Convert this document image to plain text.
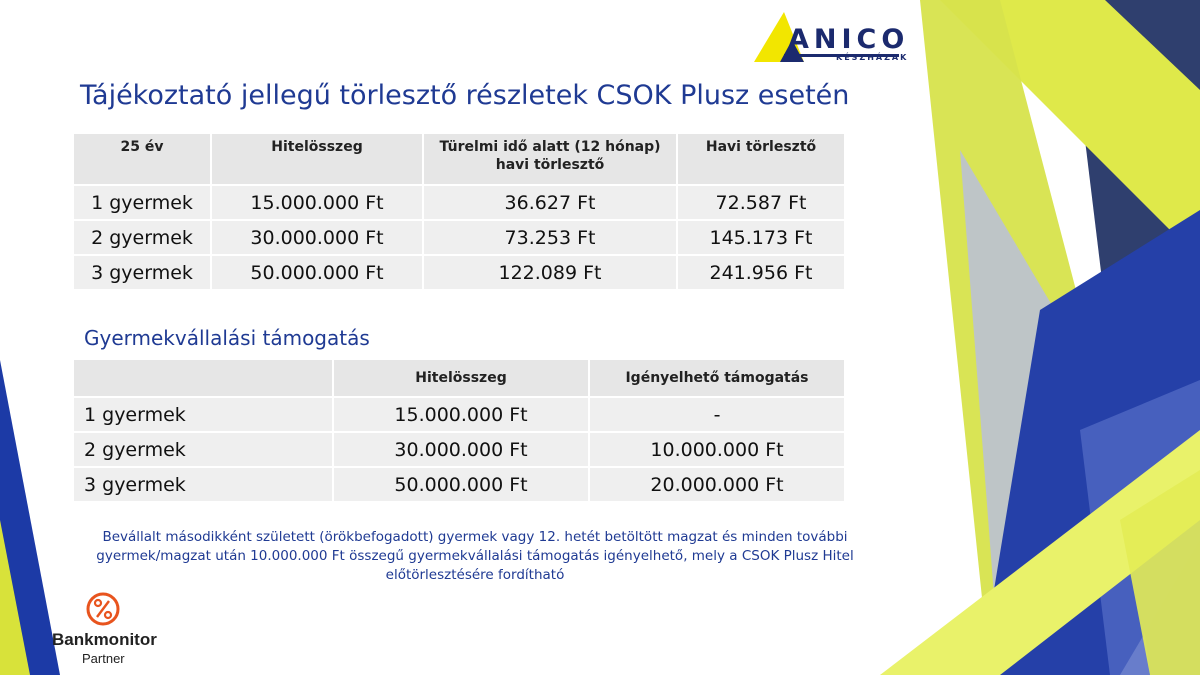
ANICO
KÉSZHÁZAK
Tájékoztató jellegű törlesztő részletek CSOK Plusz esetén
25 év	Hitelösszeg	Türelmi idő alatt (12 hónap) havi törlesztő	Havi törlesztő
1 gyermek	15.000.000 Ft	36.627 Ft	72.587 Ft
2 gyermek	30.000.000 Ft	73.253 Ft	145.173 Ft
3 gyermek	50.000.000 Ft	122.089 Ft	241.956 Ft
Gyermekvállalási támogatás
	Hitelösszeg	Igényelhető támogatás
1 gyermek	15.000.000 Ft	-
2 gyermek	30.000.000 Ft	10.000.000 Ft
3 gyermek	50.000.000 Ft	20.000.000 Ft
Bevállalt másodikként született (örökbefogadott) gyermek vagy 12. hetét betöltött magzat és minden további gyermek/magzat után 10.000.000 Ft összegű gyermekvállalási támogatás igényelhető, mely a CSOK Plusz Hitel előtörlesztésére fordítható
Bankmonitor
Partner
